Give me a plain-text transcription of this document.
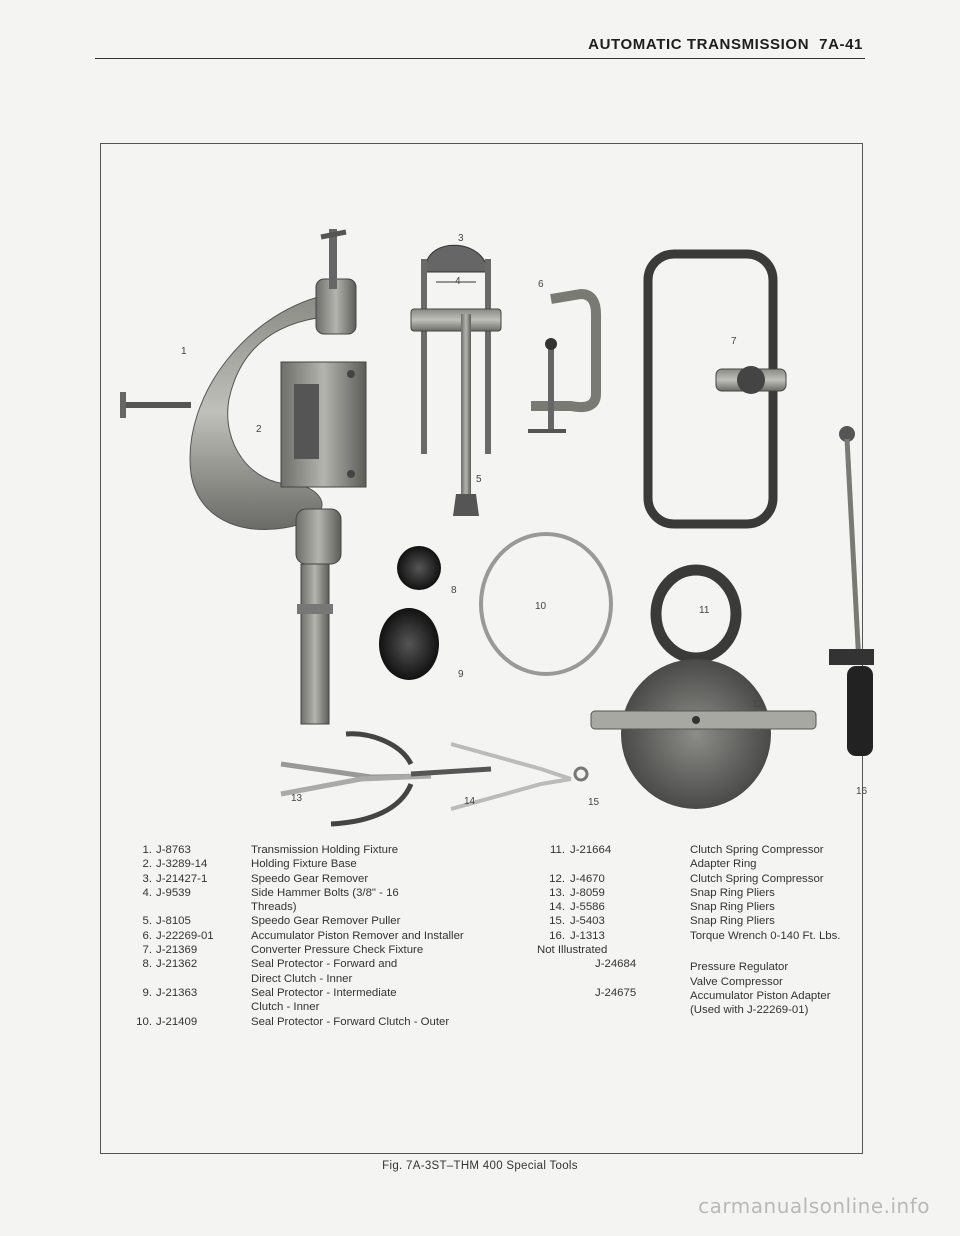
AUTOMATIC TRANSMISSION 7A-41
1
2
3
4
5
6
7
8
9
10	11
12
13	14	15
16
1. J-8763	Transmission Holding Fixture
2. J-3289-14	Holding Fixture Base
3. J-21427-1	Speedo Gear Remover
4. J-9539	Side Hammer Bolts (3/8" - 16
Threads)
5. J-8105	Speedo Gear Remover Puller
6. J-22269-01	Accumulator Piston Remover and Installer
7. J-21369	Converter Pressure Check Fixture
8. J-21362	Seal Protector - Forward and
Direct Clutch - Inner
9. J-21363	Seal Protector - Intermediate
Clutch - Inner
10. J-21409	Seal Protector - Forward Clutch - Outer
11. J-21664	Clutch Spring Compressor
Adapter Ring
12. J-4670	Clutch Spring Compressor
13. J-8059	Snap Ring Pliers
14. J-5586	Snap Ring Pliers
15. J-5403	Snap Ring Pliers
16. J-1313	Torque Wrench 0-140 Ft. Lbs.
Not Illustrated
J-24684	Pressure Regulator
Valve Compressor
J-24675	Accumulator Piston Adapter
(Used with J-22269-01)
Fig. 7A-3ST–THM 400 Special Tools
carmanualsonline.info
